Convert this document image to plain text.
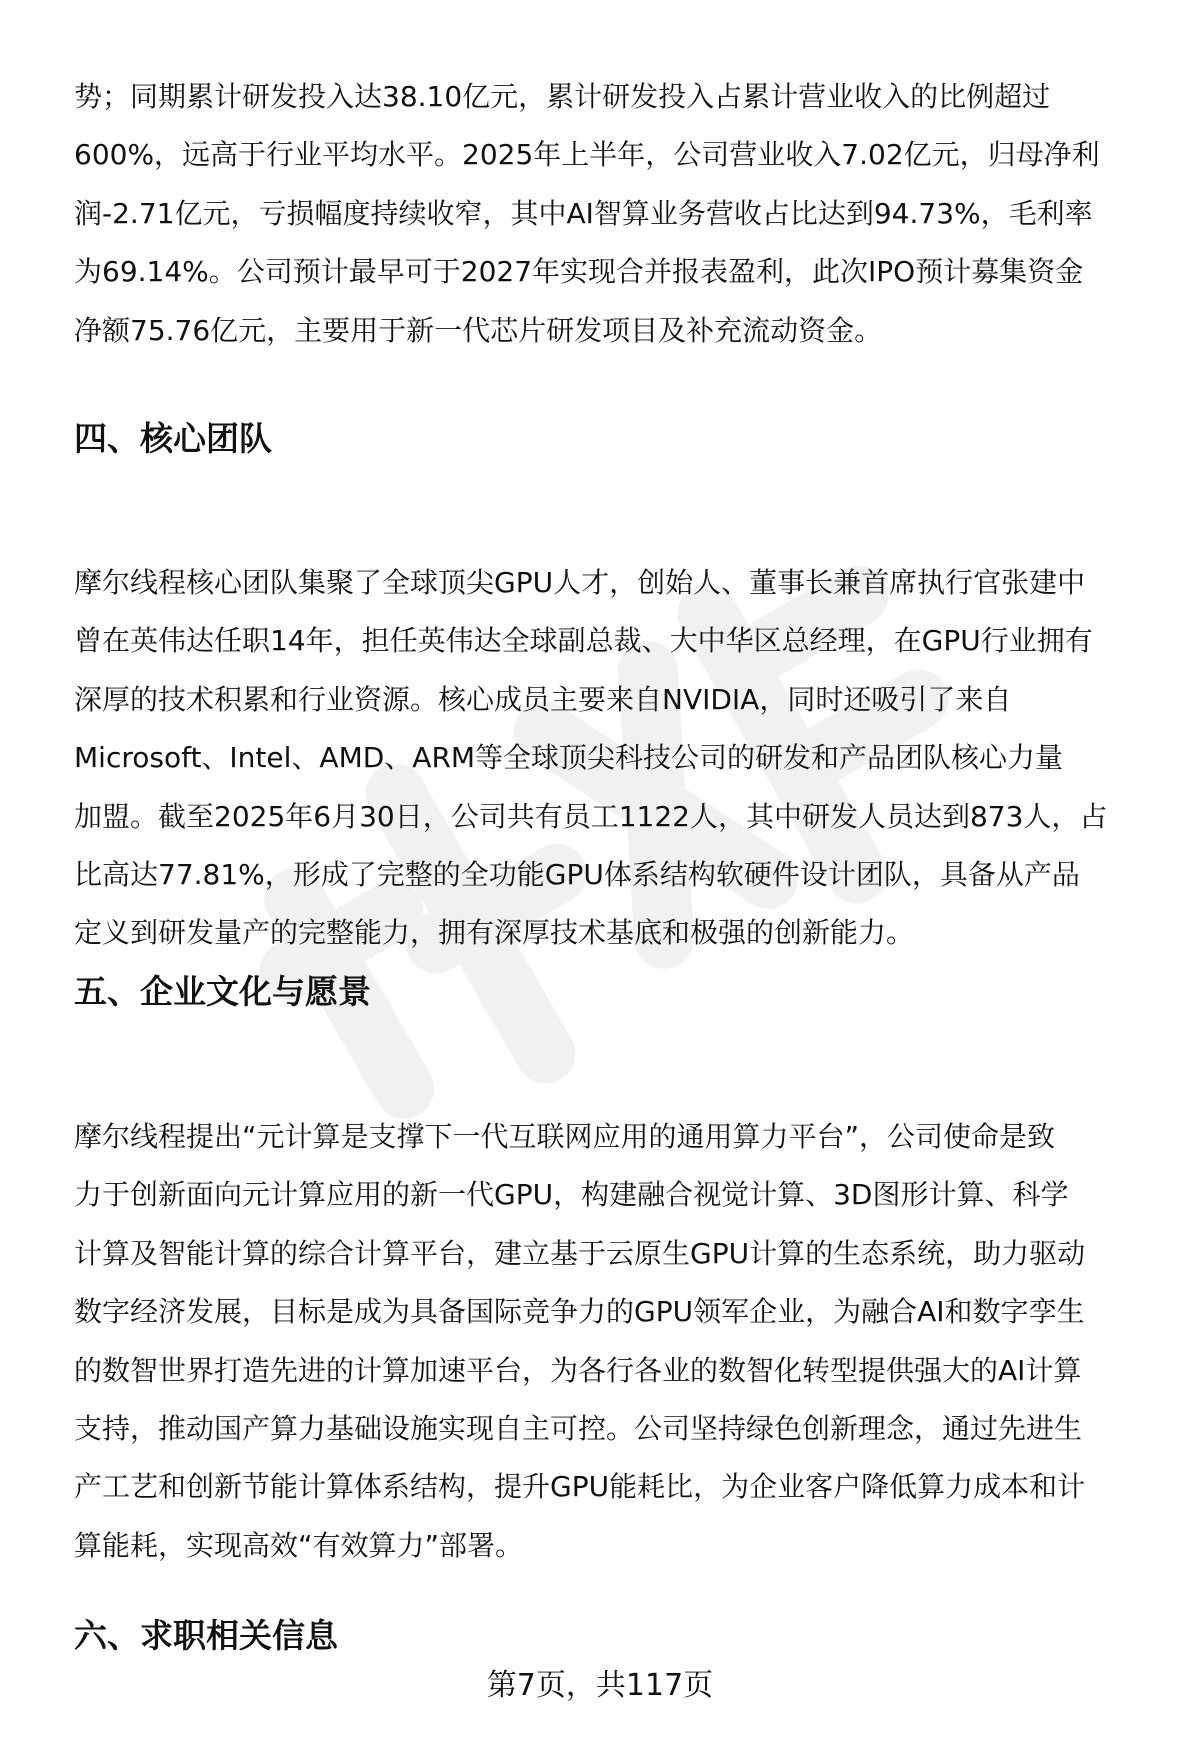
势；同期累计研发投入达38.10亿元，累计研发投入占累计营业收入的比例超过
600%，远高于行业平均水平。2025年上半年，公司营业收入7.02亿元，归母净利
润-2.71亿元，亏损幅度持续收窄，其中AI智算业务营收占比达到94.73%，毛利率
为69.14%。公司预计最早可于2027年实现合并报表盈利，此次IPO预计募集资金
净额75.76亿元，主要用于新一代芯片研发项目及补充流动资金。

四、核心团队

摩尔线程核心团队集聚了全球顶尖GPU人才，创始人、董事长兼首席执行官张建中
曾在英伟达任职14年，担任英伟达全球副总裁、大中华区总经理，在GPU行业拥有
深厚的技术积累和行业资源。核心成员主要来自NVIDIA，同时还吸引了来自
Microsoft、Intel、AMD、ARM等全球顶尖科技公司的研发和产品团队核心力量
加盟。截至2025年6月30日，公司共有员工1122人，其中研发人员达到873人，占
比高达77.81%，形成了完整的全功能GPU体系结构软硬件设计团队，具备从产品
定义到研发量产的完整能力，拥有深厚技术基底和极强的创新能力。

五、企业文化与愿景

摩尔线程提出“元计算是支撑下一代互联网应用的通用算力平台”，公司使命是致
力于创新面向元计算应用的新一代GPU，构建融合视觉计算、3D图形计算、科学
计算及智能计算的综合计算平台，建立基于云原生GPU计算的生态系统，助力驱动
数字经济发展，目标是成为具备国际竞争力的GPU领军企业，为融合AI和数字孪生
的数智世界打造先进的计算加速平台，为各行各业的数智化转型提供强大的AI计算
支持，推动国产算力基础设施实现自主可控。公司坚持绿色创新理念，通过先进生
产工艺和创新节能计算体系结构，提升GPU能耗比，为企业客户降低算力成本和计
算能耗，实现高效“有效算力”部署。

六、求职相关信息
第7页，共117页
